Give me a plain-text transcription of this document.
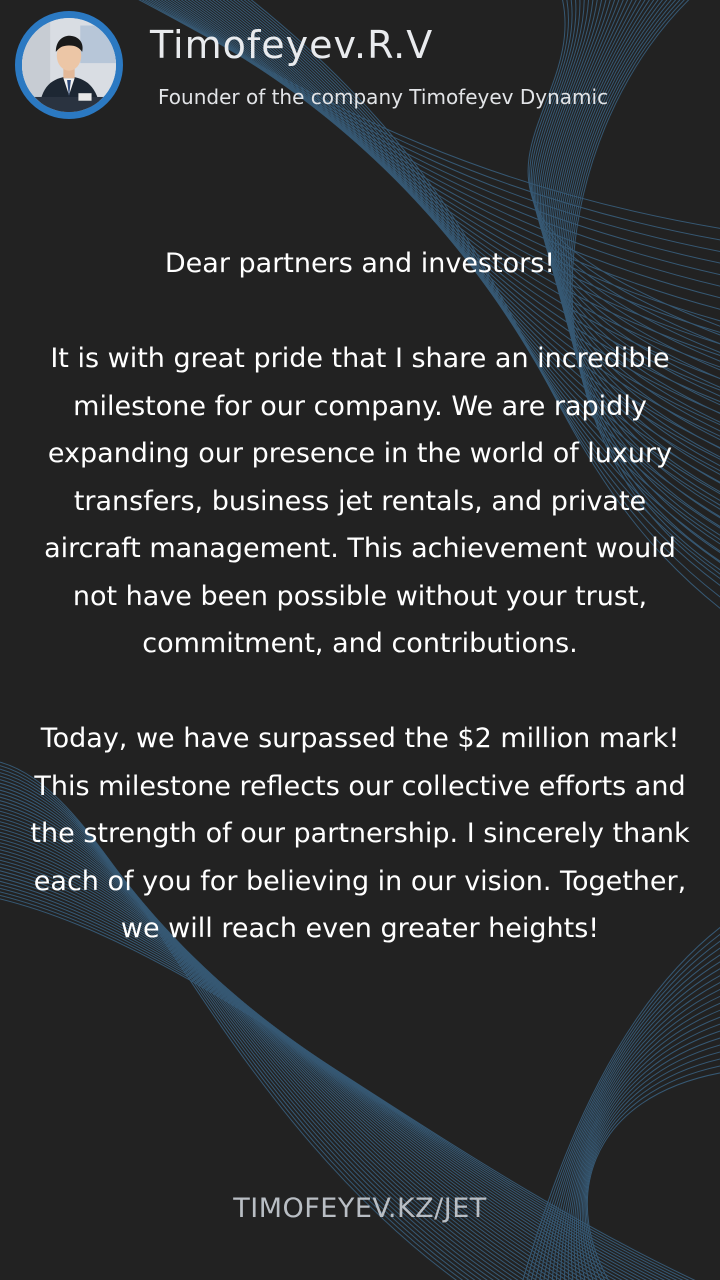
Timofeyev.R.V
Founder of the company Timofeyev Dynamic

Dear partners and investors!

It is with great pride that I share an incredible milestone for our company. We are rapidly expanding our presence in the world of luxury transfers, business jet rentals, and private aircraft management. This achievement would not have been possible without your trust, commitment, and contributions.

Today, we have surpassed the $2 million mark! This milestone reflects our collective efforts and the strength of our partnership. I sincerely thank each of you for believing in our vision. Together, we will reach even greater heights!

TIMOFEYEV.KZ/JET
